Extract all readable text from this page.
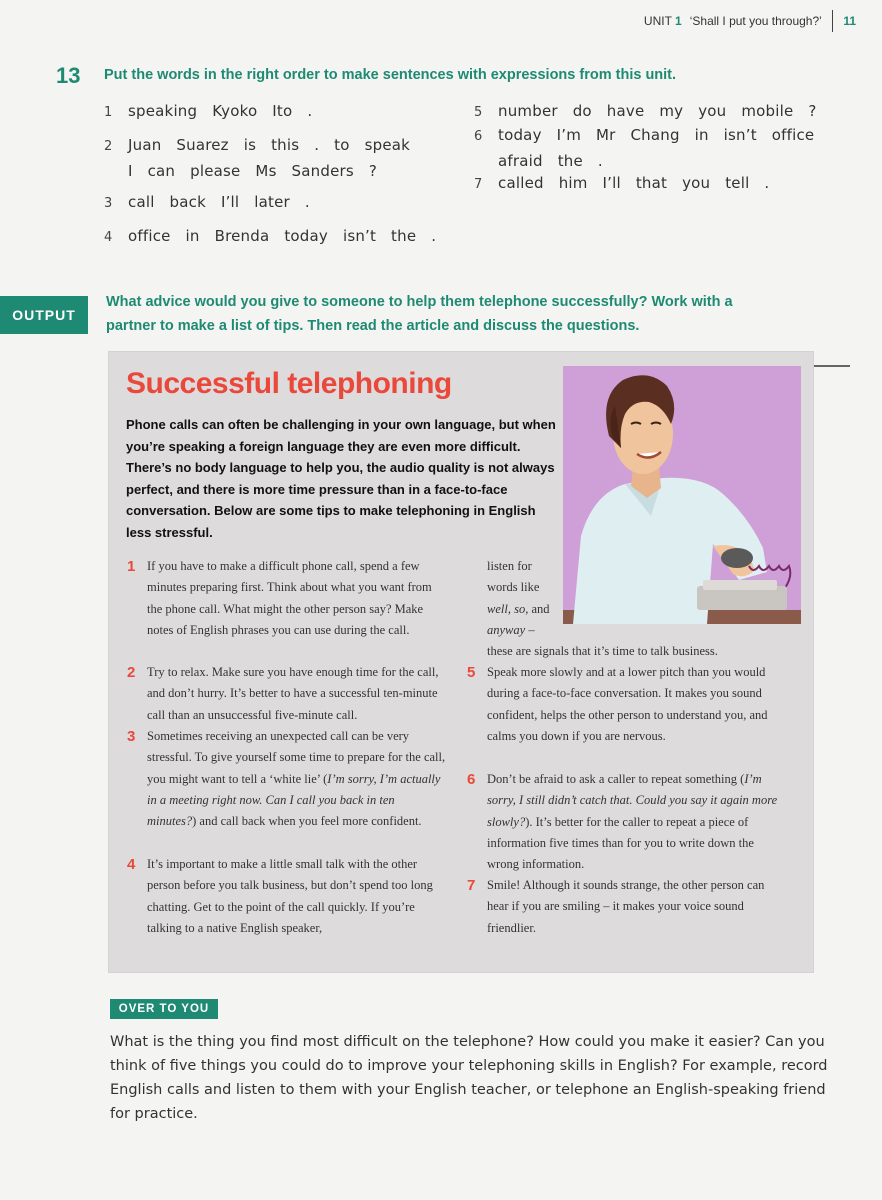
UNIT 1 ‘Shall I put you through?’ 11
13 Put the words in the right order to make sentences with expressions from this unit.
1 speaking Kyoko Ito .
2 Juan Suarez is this . to speak
I can please Ms Sanders ?
3 call back I’ll later .
4 office in Brenda today isn’t the .
5 number do have my you mobile ?
6 today I’m Mr Chang in isn’t office
afraid the .
7 called him I’ll that you tell .
OUTPUT
What advice would you give to someone to help them telephone successfully? Work with a partner to make a list of tips. Then read the article and discuss the questions.
Successful telephoning
Phone calls can often be challenging in your own language, but when you’re speaking a foreign language they are even more difficult. There’s no body language to help you, the audio quality is not always perfect, and there is more time pressure than in a face-to-face conversation. Below are some tips to make telephoning in English
less stressful.
1 If you have to make a difficult phone call, spend a few minutes preparing first. Think about what you want from the phone call. What might the other person say? Make notes of English phrases you can use during the call.
2 Try to relax. Make sure you have enough time for the call, and don’t hurry. It’s better to have a successful ten-minute call than an unsuccessful five-minute call.
3 Sometimes receiving an unexpected call can be very stressful. To give yourself some time to prepare for the call, you might want to tell a ‘white lie’ (I’m sorry, I’m actually in a meeting right now. Can I call you back in ten minutes?) and call back when you feel more confident.
4 It’s important to make a little small talk with the other person before you talk business, but don’t spend too long chatting. Get to the point of the call quickly. If you’re talking to a native English speaker,
listen for words like well, so, and anyway –
these are signals that it’s time to talk business.
5 Speak more slowly and at a lower pitch than you would during a face-to-face conversation. It makes you sound confident, helps the other person to understand you, and calms you down if you are nervous.
6 Don’t be afraid to ask a caller to repeat something (I’m sorry, I still didn’t catch that. Could you say it again more slowly?). It’s better for the caller to repeat a piece of information five times than for you to write down the wrong information.
7 Smile! Although it sounds strange, the other person can hear if you are smiling – it makes your voice sound friendlier.
OVER TO YOU
What is the thing you find most difficult on the telephone? How could you make it easier? Can you think of five things you could do to improve your telephoning skills in English? For example, record English calls and listen to them with your English teacher, or telephone an English-speaking friend for practice.
